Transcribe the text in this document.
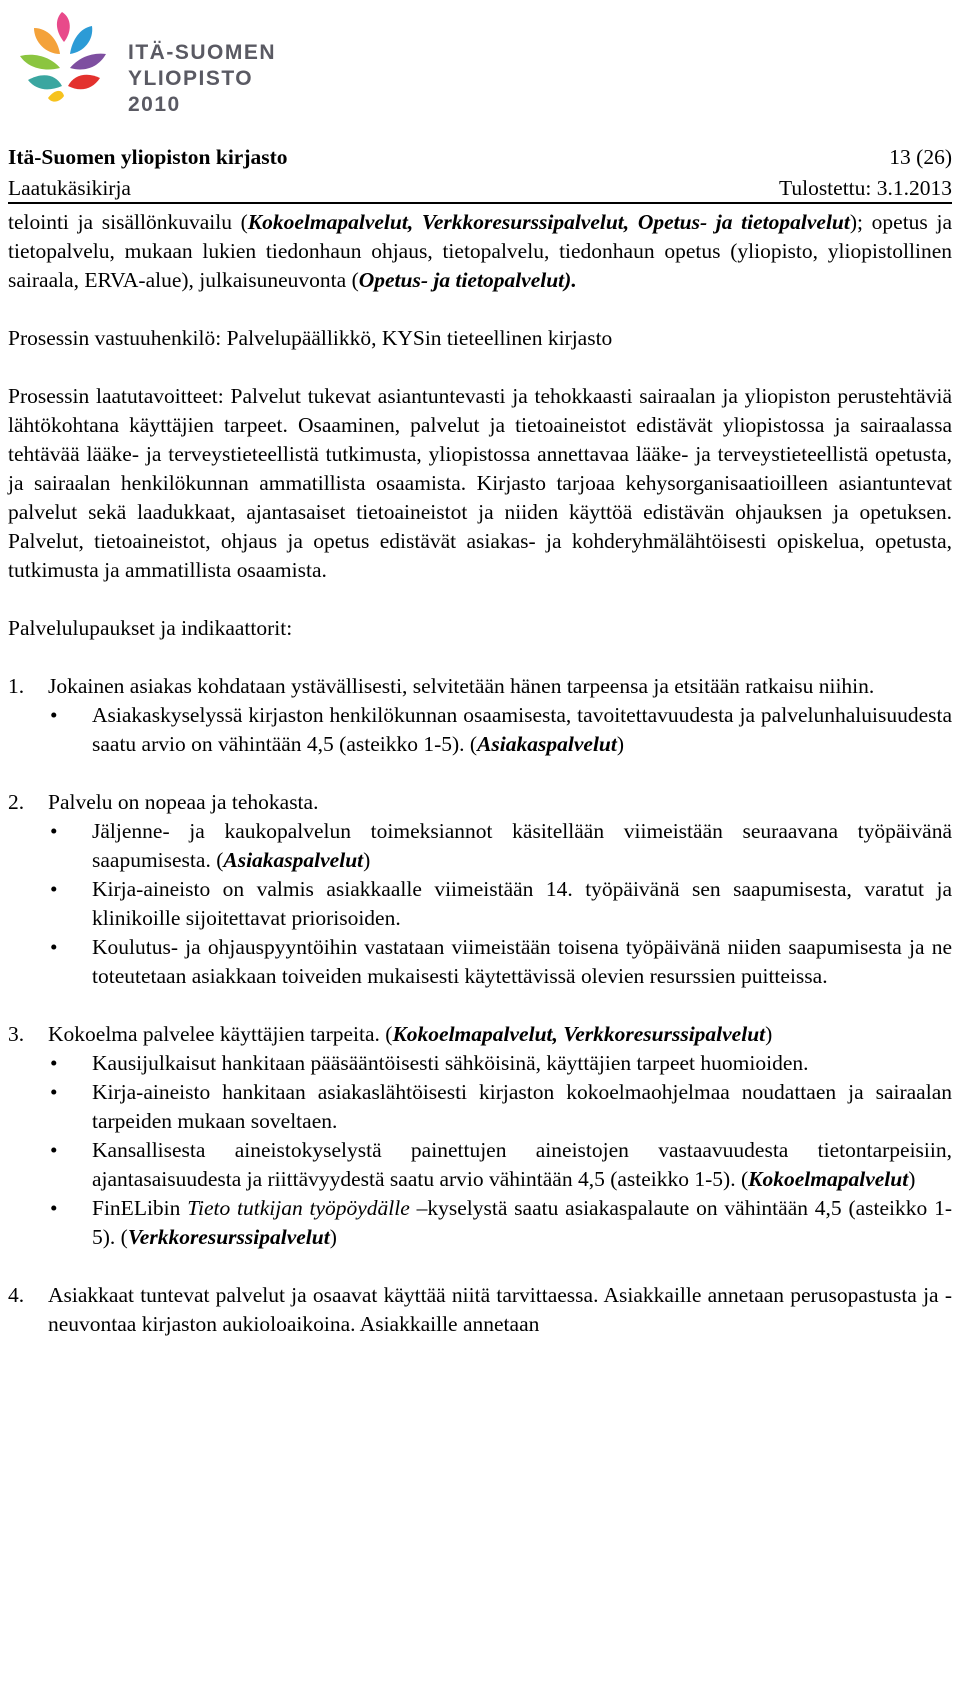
ITÄ-SUOMEN
YLIOPISTO 2010
Itä-Suomen yliopiston kirjasto	13 (26)
Laatukäsikirja	Tulostettu: 3.1.2013

telointi ja sisällönkuvailu (Kokoelmapalvelut, Verkkoresurssipalvelut, Opetus- ja tietopalvelut); opetus ja tietopalvelu, mukaan lukien tiedonhaun ohjaus, tietopalvelu, tiedonhaun opetus (yliopisto, yliopistollinen sairaala, ERVA-alue), julkaisuneuvonta (Opetus- ja tietopalvelut).

Prosessin vastuuhenkilö: Palvelupäällikkö, KYSin tieteellinen kirjasto

Prosessin laatutavoitteet: Palvelut tukevat asiantuntevasti ja tehokkaasti sairaalan ja yliopiston perustehtäviä lähtökohtana käyttäjien tarpeet. Osaaminen, palvelut ja tietoaineistot edistävät yliopistossa ja sairaalassa tehtävää lääke- ja terveystieteellistä tutkimusta, yliopistossa annettavaa lääke- ja terveystieteellistä opetusta, ja sairaalan henkilökunnan ammatillista osaamista. Kirjasto tarjoaa kehysorganisaatioilleen asiantuntevat palvelut sekä laadukkaat, ajantasaiset tietoaineistot ja niiden käyttöä edistävän ohjauksen ja opetuksen. Palvelut, tietoaineistot, ohjaus ja opetus edistävät asiakas- ja kohderyhmälähtöisesti opiskelua, opetusta, tutkimusta ja ammatillista osaamista.

Palvelulupaukset ja indikaattorit:

1. Jokainen asiakas kohdataan ystävällisesti, selvitetään hänen tarpeensa ja etsitään ratkaisu niihin.
• Asiakaskyselyssä kirjaston henkilökunnan osaamisesta, tavoitettavuudesta ja palvelunhaluisuudesta saatu arvio on vähintään 4,5 (asteikko 1-5). (Asiakaspalvelut)
2. Palvelu on nopeaa ja tehokasta.
• Jäljenne- ja kaukopalvelun toimeksiannot käsitellään viimeistään seuraavana työpäivänä saapumisesta. (Asiakaspalvelut)
• Kirja-aineisto on valmis asiakkaalle viimeistään 14. työpäivänä sen saapumisesta, varatut ja klinikoille sijoitettavat priorisoiden.
• Koulutus- ja ohjauspyyntöihin vastataan viimeistään toisena työpäivänä niiden saapumisesta ja ne toteutetaan asiakkaan toiveiden mukaisesti käytettävissä olevien resurssien puitteissa.
3. Kokoelma palvelee käyttäjien tarpeita. (Kokoelmapalvelut, Verkkoresurssipalvelut)
• Kausijulkaisut hankitaan pääsääntöisesti sähköisinä, käyttäjien tarpeet huomioiden.
• Kirja-aineisto hankitaan asiakaslähtöisesti kirjaston kokoelmaohjelmaa noudattaen ja sairaalan tarpeiden mukaan soveltaen.
• Kansallisesta aineistokyselystä painettujen aineistojen vastaavuudesta tietontarpeisiin, ajantasaisuudesta ja riittävyydestä saatu arvio vähintään 4,5 (asteikko 1-5). (Kokoelmapalvelut)
• FinELibin Tieto tutkijan työpöydälle –kyselystä saatu asiakaspalaute on vähintään 4,5 (asteikko 1-5). (Verkkoresurssipalvelut)
4. Asiakkaat tuntevat palvelut ja osaavat käyttää niitä tarvittaessa. Asiakkaille annetaan perusopastusta ja -neuvontaa kirjaston aukioloaikoina. Asiakkaille annetaan
